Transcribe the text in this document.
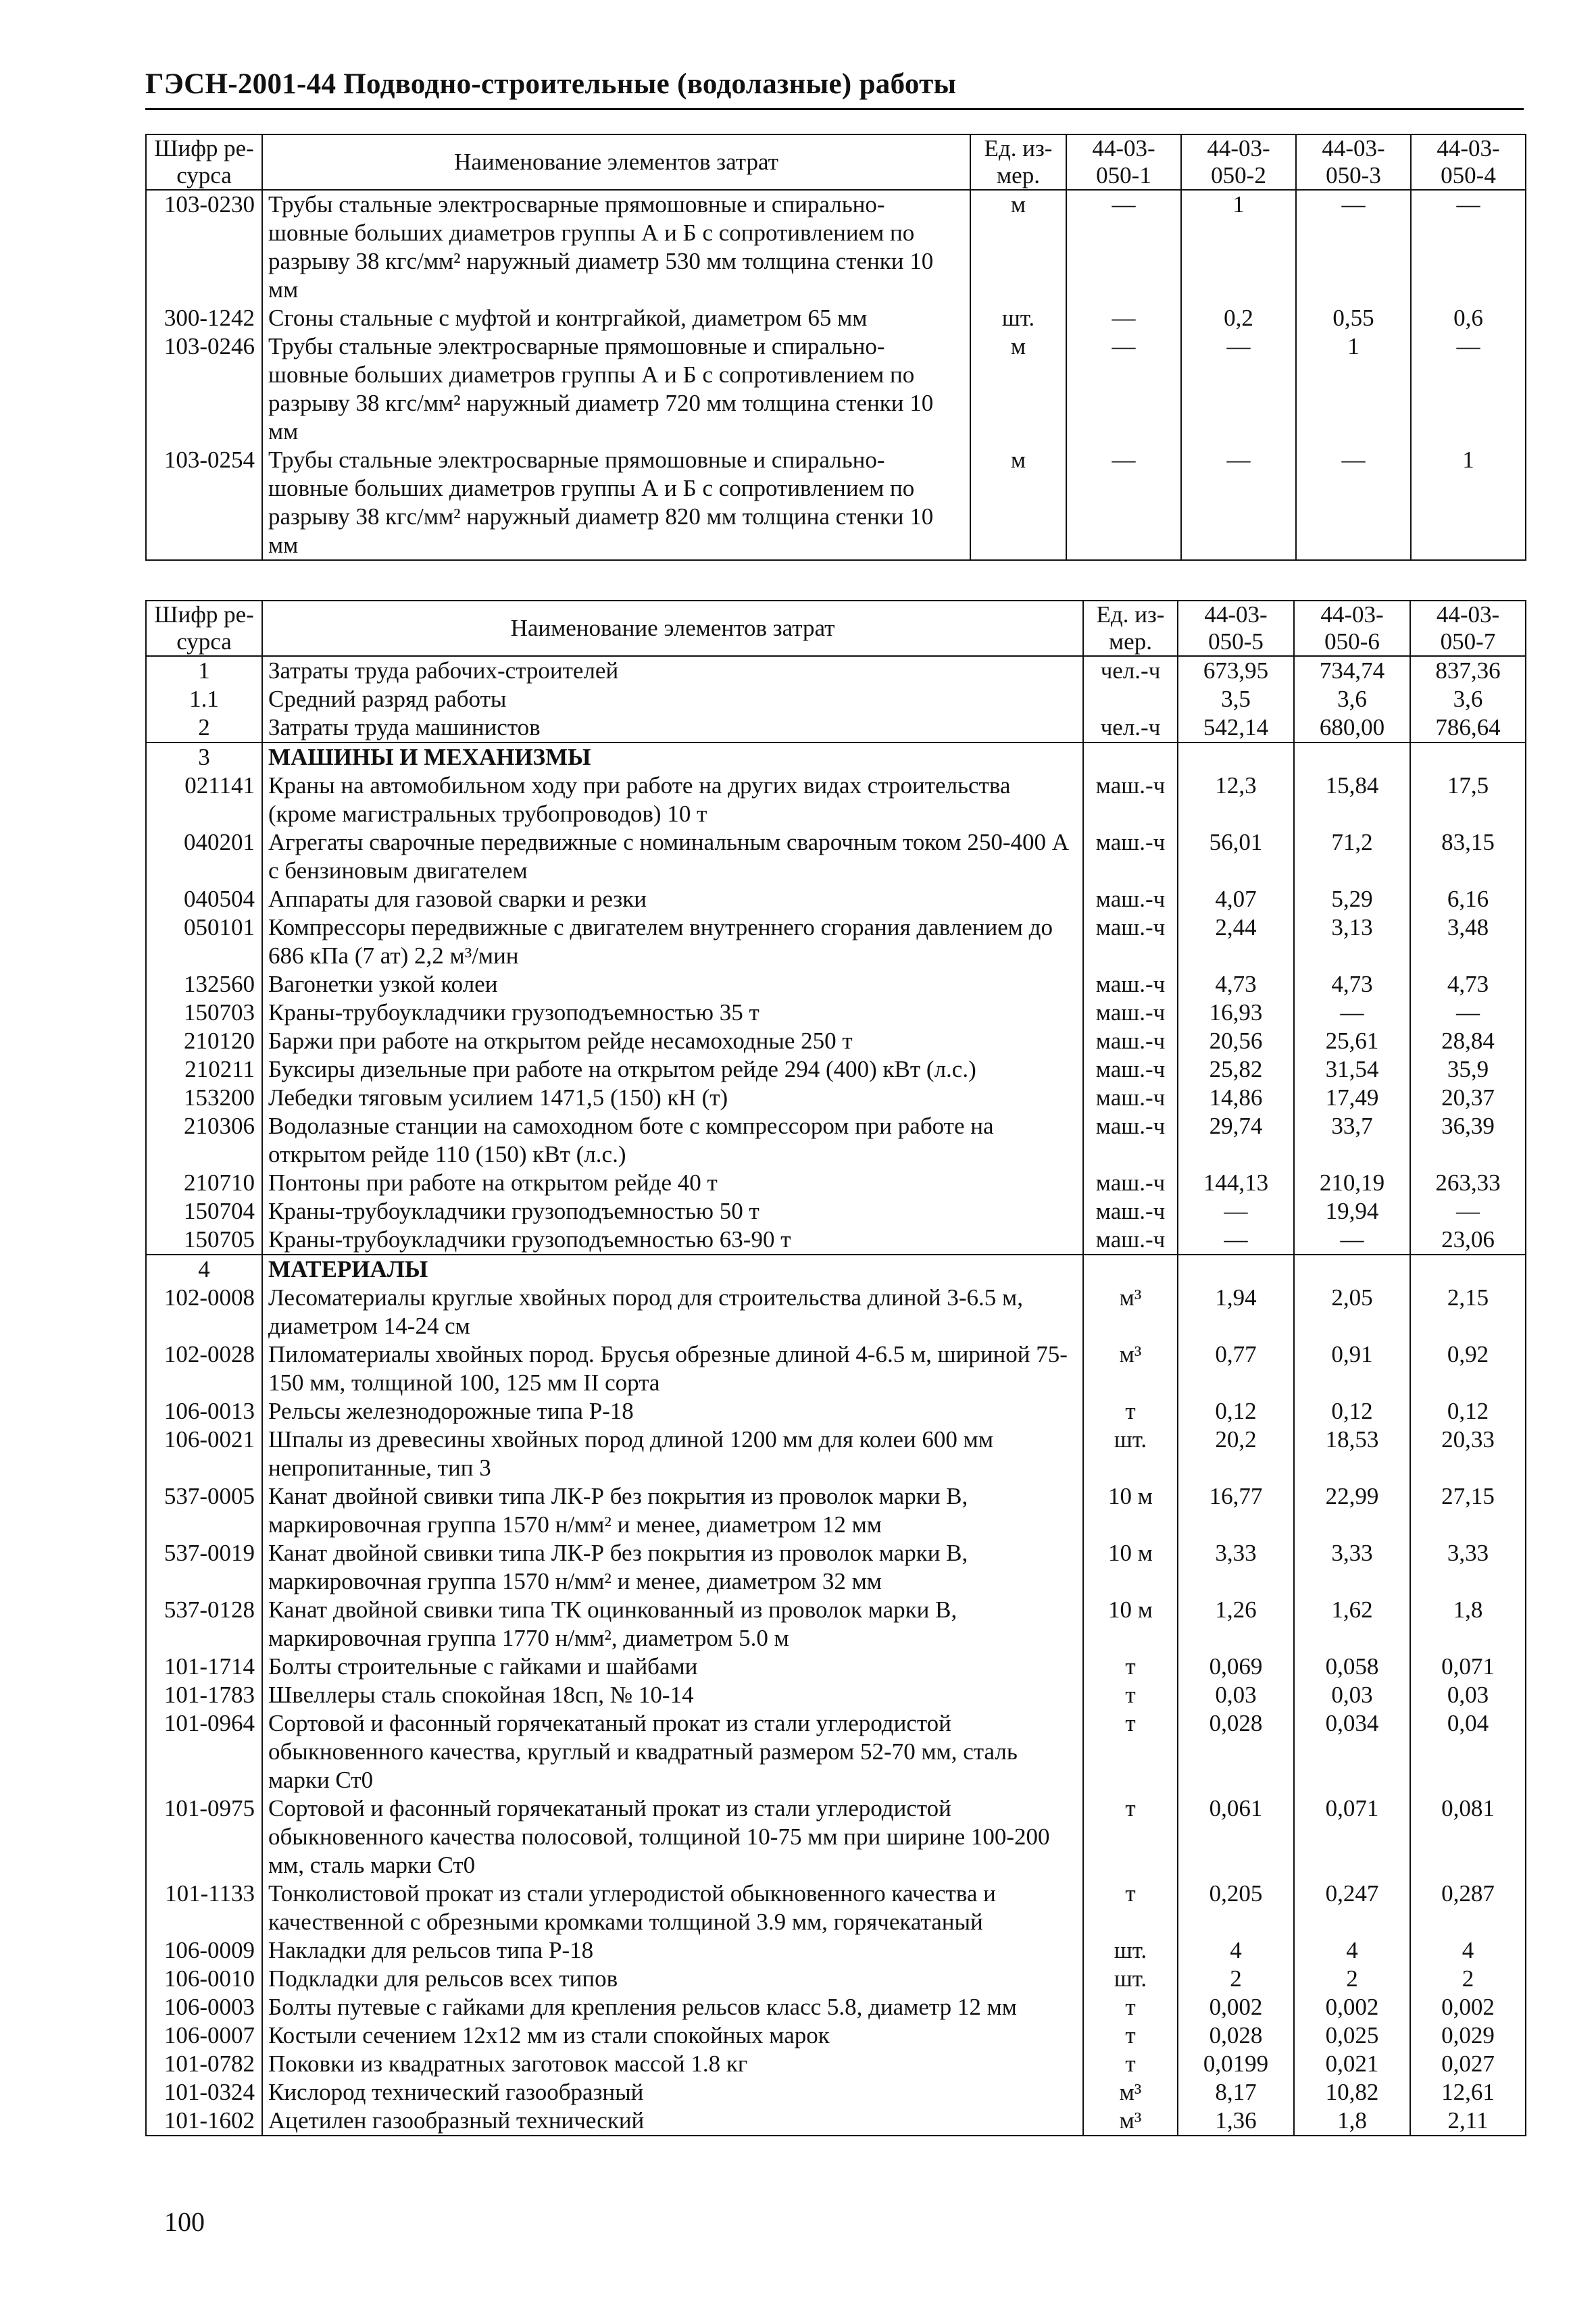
ГЭСН-2001-44 Подводно-строительные (водолазные) работы
Шифр ре-сурса	Наименование элементов затрат	Ед. из-мер.	44-03-050-1	44-03-050-2	44-03-050-3	44-03-050-4
103-0230	Трубы стальные электросварные прямошовные и спирально-шовные больших диаметров группы А и Б с сопротивлением по разрыву 38 кгс/мм² наружный диаметр 530 мм толщина стенки 10 мм	м	—	1	—	—
300-1242	Сгоны стальные с муфтой и контргайкой, диаметром 65 мм	шт.	—	0,2	0,55	0,6
103-0246	Трубы стальные электросварные прямошовные и спирально-шовные больших диаметров группы А и Б с сопротивлением по разрыву 38 кгс/мм² наружный диаметр 720 мм толщина стенки 10 мм	м	—	—	1	—
103-0254	Трубы стальные электросварные прямошовные и спирально-шовные больших диаметров группы А и Б с сопротивлением по разрыву 38 кгс/мм² наружный диаметр 820 мм толщина стенки 10 мм	м	—	—	—	1
Шифр ре-сурса	Наименование элементов затрат	Ед. из-мер.	44-03-050-5	44-03-050-6	44-03-050-7
1	Затраты труда рабочих-строителей	чел.-ч	673,95	734,74	837,36
1.1	Средний разряд работы		3,5	3,6	3,6
2	Затраты труда машинистов	чел.-ч	542,14	680,00	786,64
3	МАШИНЫ И МЕХАНИЗМЫ				
021141	Краны на автомобильном ходу при работе на других видах строительства (кроме магистральных трубопроводов) 10 т	маш.-ч	12,3	15,84	17,5
040201	Агрегаты сварочные передвижные с номинальным сварочным током 250-400 А с бензиновым двигателем	маш.-ч	56,01	71,2	83,15
040504	Аппараты для газовой сварки и резки	маш.-ч	4,07	5,29	6,16
050101	Компрессоры передвижные с двигателем внутреннего сгорания давлением до 686 кПа (7 ат) 2,2 м³/мин	маш.-ч	2,44	3,13	3,48
132560	Вагонетки узкой колеи	маш.-ч	4,73	4,73	4,73
150703	Краны-трубоукладчики грузоподъемностью 35 т	маш.-ч	16,93	—	—
210120	Баржи при работе на открытом рейде несамоходные 250 т	маш.-ч	20,56	25,61	28,84
210211	Буксиры дизельные при работе на открытом рейде 294 (400) кВт (л.с.)	маш.-ч	25,82	31,54	35,9
153200	Лебедки тяговым усилием 1471,5 (150) кН (т)	маш.-ч	14,86	17,49	20,37
210306	Водолазные станции на самоходном боте с компрессором при работе на открытом рейде 110 (150) кВт (л.с.)	маш.-ч	29,74	33,7	36,39
210710	Понтоны при работе на открытом рейде 40 т	маш.-ч	144,13	210,19	263,33
150704	Краны-трубоукладчики грузоподъемностью 50 т	маш.-ч	—	19,94	—
150705	Краны-трубоукладчики грузоподъемностью 63-90 т	маш.-ч	—	—	23,06
4	МАТЕРИАЛЫ				
102-0008	Лесоматериалы круглые хвойных пород для строительства длиной 3-6.5 м, диаметром 14-24 см	м³	1,94	2,05	2,15
102-0028	Пиломатериалы хвойных пород. Брусья обрезные длиной 4-6.5 м, шириной 75-150 мм, толщиной 100, 125 мм II сорта	м³	0,77	0,91	0,92
106-0013	Рельсы железнодорожные типа Р-18	т	0,12	0,12	0,12
106-0021	Шпалы из древесины хвойных пород длиной 1200 мм для колеи 600 мм непропитанные, тип 3	шт.	20,2	18,53	20,33
537-0005	Канат двойной свивки типа ЛК-Р без покрытия из проволок марки В, маркировочная группа 1570 н/мм² и менее, диаметром 12 мм	10 м	16,77	22,99	27,15
537-0019	Канат двойной свивки типа ЛК-Р без покрытия из проволок марки В, маркировочная группа 1570 н/мм² и менее, диаметром 32 мм	10 м	3,33	3,33	3,33
537-0128	Канат двойной свивки типа ТК оцинкованный из проволок марки В, маркировочная группа 1770 н/мм², диаметром 5.0 м	10 м	1,26	1,62	1,8
101-1714	Болты строительные с гайками и шайбами	т	0,069	0,058	0,071
101-1783	Швеллеры сталь спокойная 18сп, № 10-14	т	0,03	0,03	0,03
101-0964	Сортовой и фасонный горячекатаный прокат из стали углеродистой обыкновенного качества, круглый и квадратный размером 52-70 мм, сталь марки Ст0	т	0,028	0,034	0,04
101-0975	Сортовой и фасонный горячекатаный прокат из стали углеродистой обыкновенного качества полосовой, толщиной 10-75 мм при ширине 100-200 мм, сталь марки Ст0	т	0,061	0,071	0,081
101-1133	Тонколистовой прокат из стали углеродистой обыкновенного качества и качественной с обрезными кромками толщиной 3.9 мм, горячекатаный	т	0,205	0,247	0,287
106-0009	Накладки для рельсов типа Р-18	шт.	4	4	4
106-0010	Подкладки для рельсов всех типов	шт.	2	2	2
106-0003	Болты путевые с гайками для крепления рельсов класс 5.8, диаметр 12 мм	т	0,002	0,002	0,002
106-0007	Костыли сечением 12х12 мм из стали спокойных марок	т	0,028	0,025	0,029
101-0782	Поковки из квадратных заготовок массой 1.8 кг	т	0,0199	0,021	0,027
101-0324	Кислород технический газообразный	м³	8,17	10,82	12,61
101-1602	Ацетилен газообразный технический	м³	1,36	1,8	2,11
100
